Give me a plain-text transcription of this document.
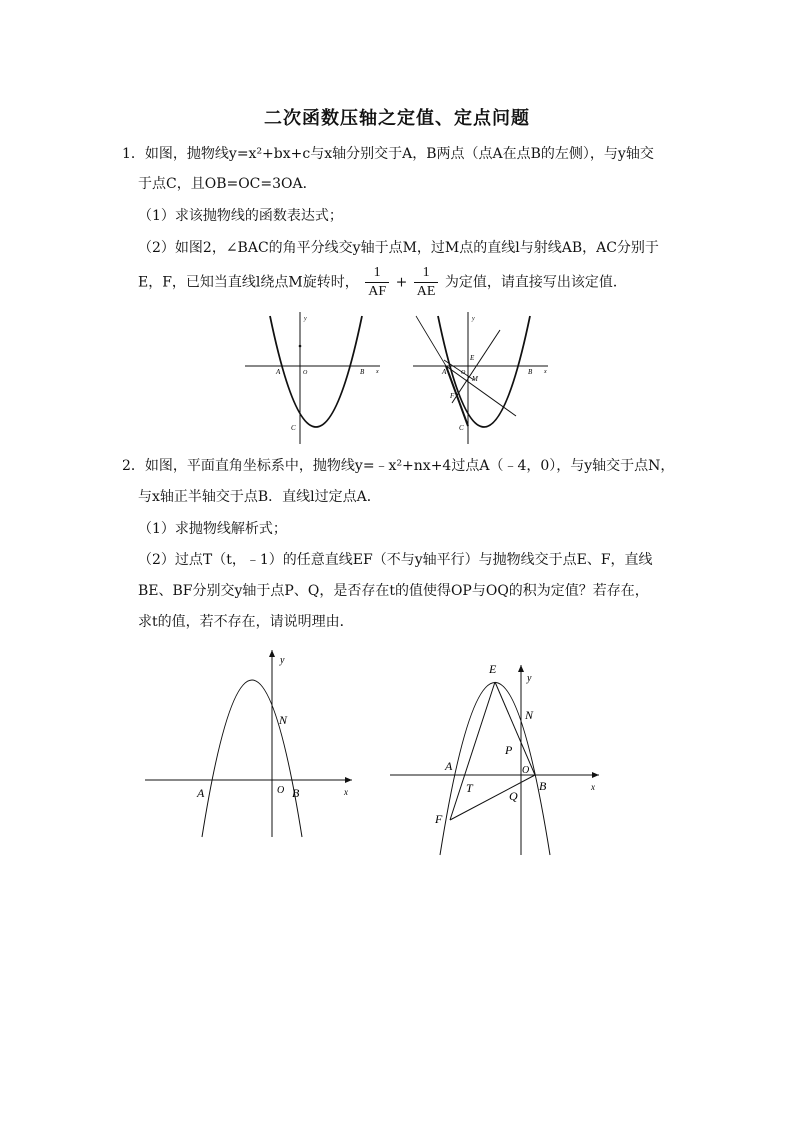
二次函数压轴之定值、定点问题
1．如图，抛物线y=x²+bx+c与x轴分别交于A，B两点（点A在点B的左侧），与y轴交
于点C，且OB=OC=3OA．
（1）求该抛物线的函数表达式；
（2）如图2，∠BAC的角平分线交y轴于点M，过M点的直线l与射线AB，AC分别于
E，F，已知当直线l绕点M旋转时， $\frac{1}{AF} + \frac{1}{AE}$ 为定值，请直接写出该定值．
y
x
A	O	B
C
y
x
A O	B
C
E
M
F
2．如图，平面直角坐标系中，抛物线y=﹣x²+nx+4过点A（﹣4，0），与y轴交于点N，
与x轴正半轴交于点B．直线l过定点A．
（1）求抛物线解析式；
（2）过点T（t，﹣1）的任意直线EF（不与y轴平行）与抛物线交于点E、F，直线
BE、BF分别交y轴于点P、Q，是否存在t的值使得OP与OQ的积为定值？若存在，
求t的值，若不存在，请说明理由．
y
x
N
A	O B
E
y
N
P
A	O
T
Q
B	x
F
